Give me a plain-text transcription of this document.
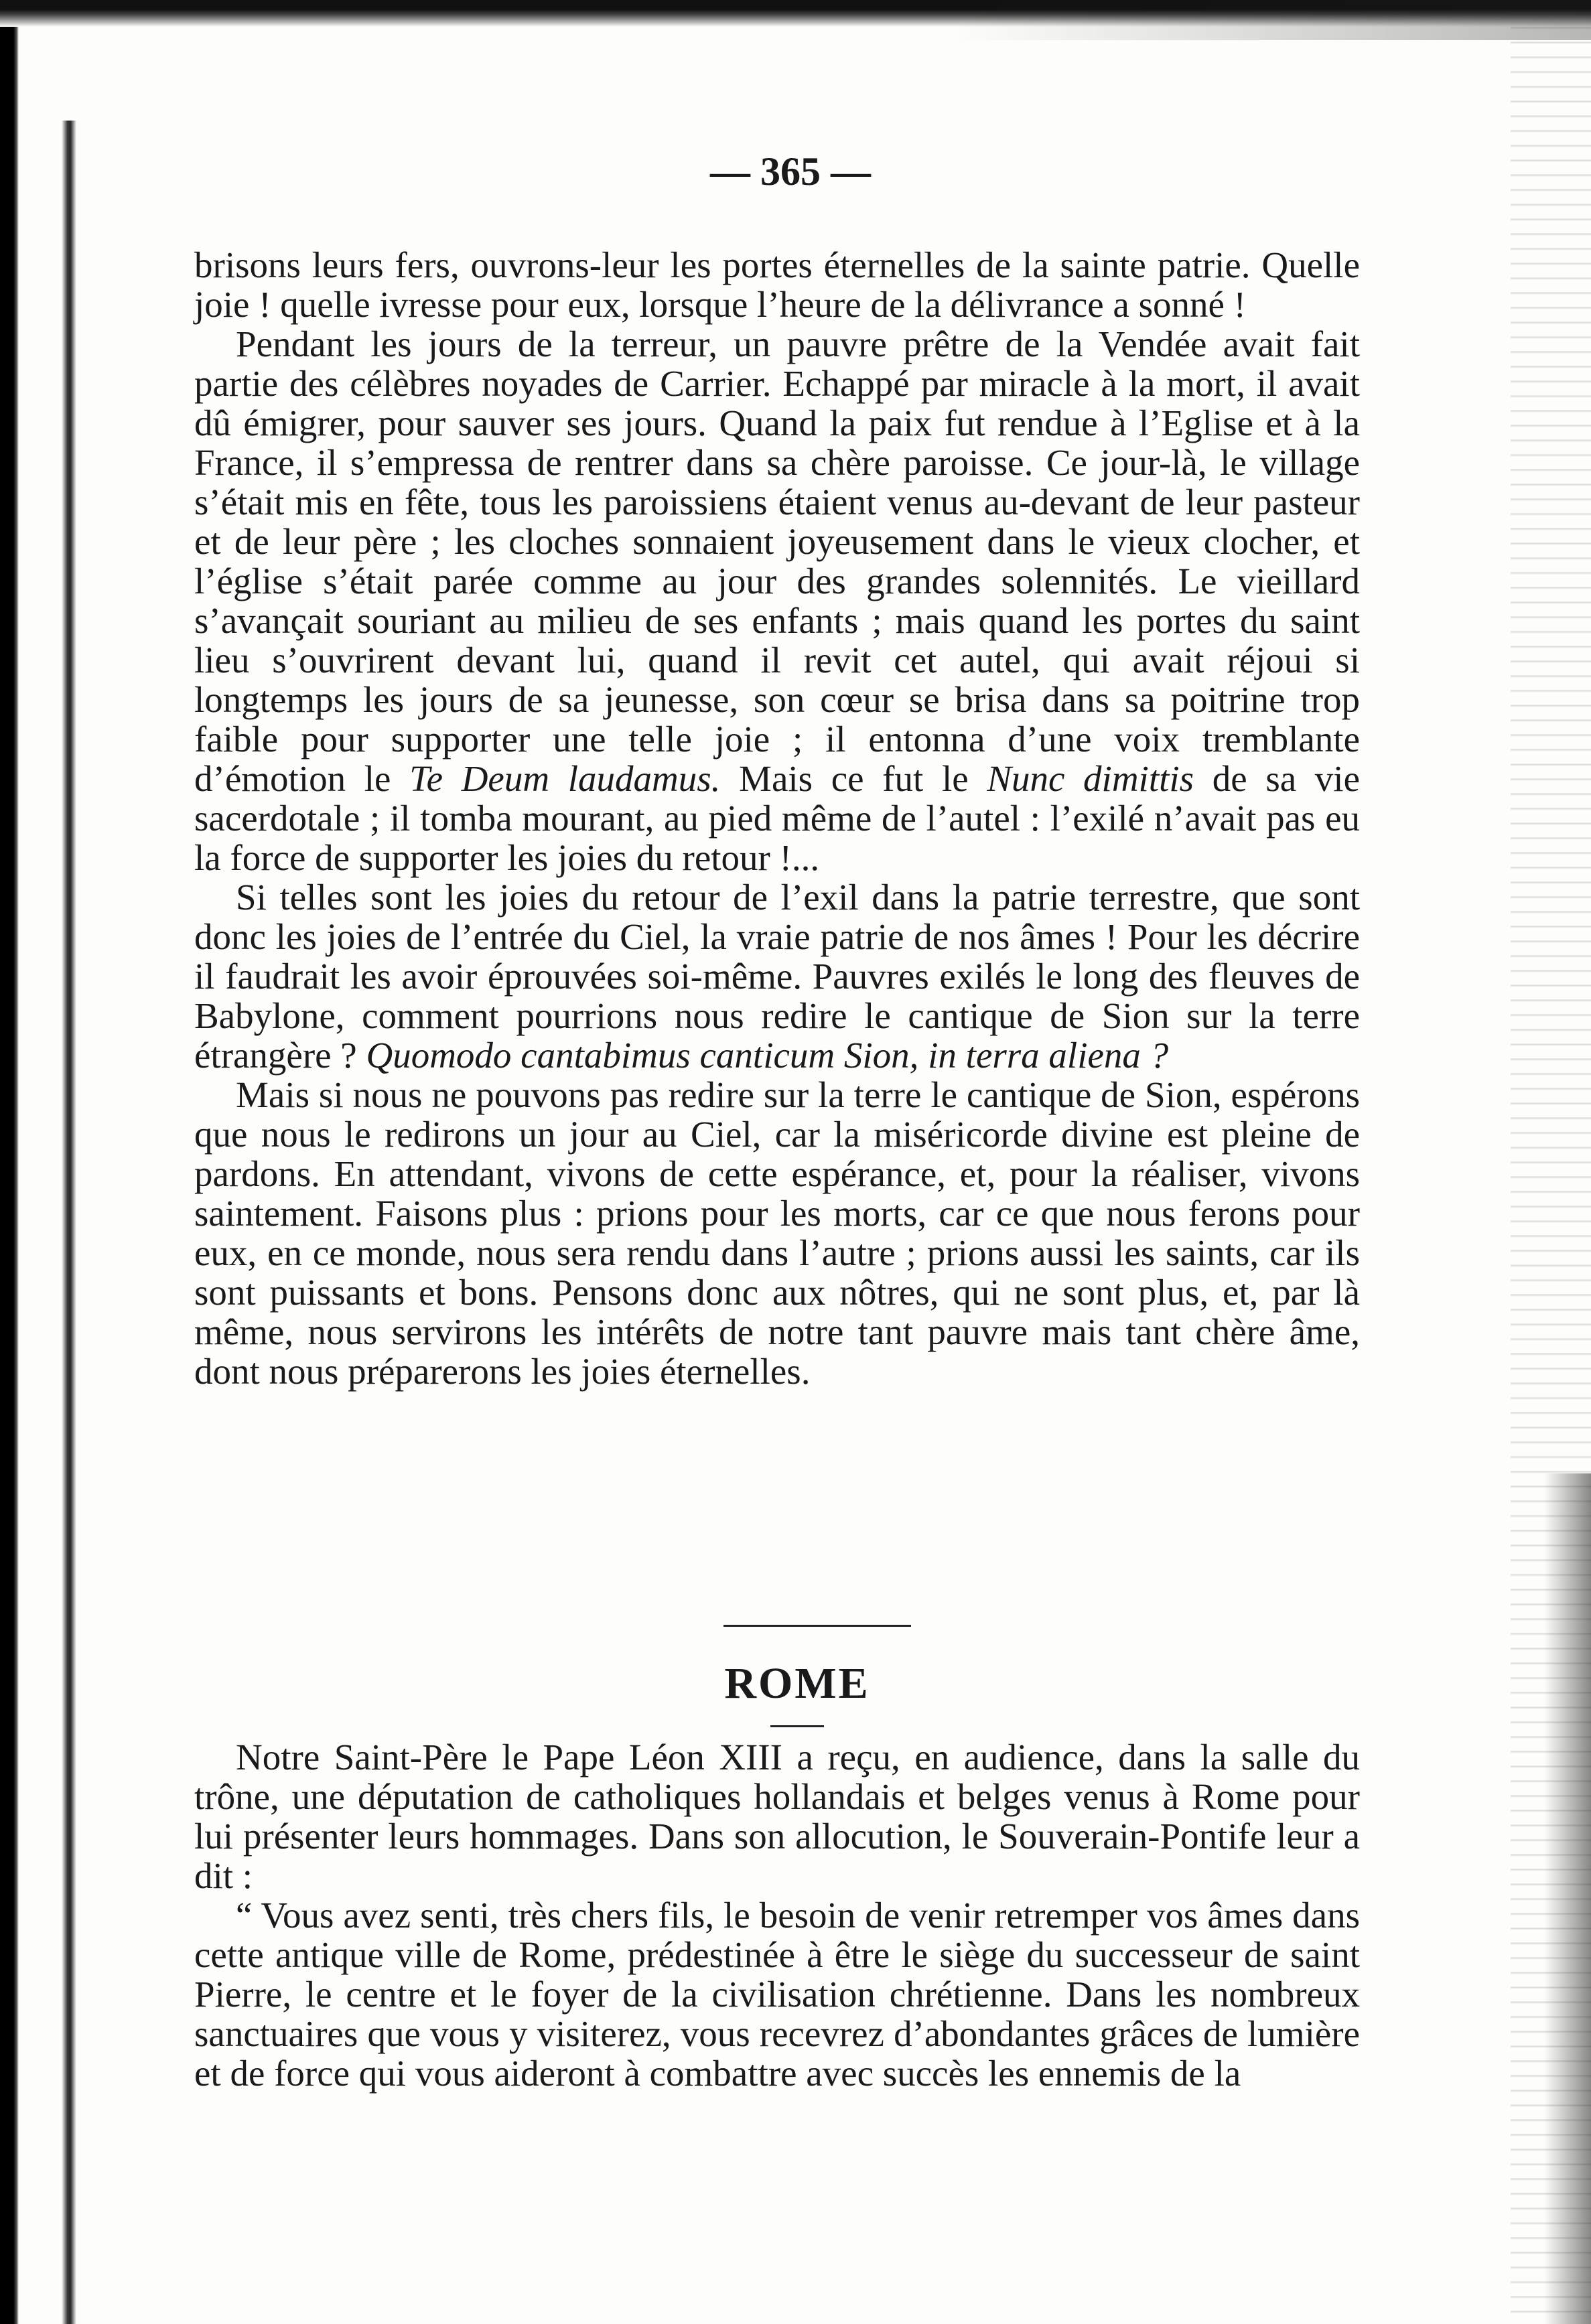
— 365 —

brisons leurs fers, ouvrons-leur les portes éternelles de la sainte patrie. Quelle joie ! quelle ivresse pour eux, lorsque l’heure de la délivrance a sonné !

Pendant les jours de la terreur, un pauvre prêtre de la Vendée avait fait partie des célèbres noyades de Carrier. Echappé par miracle à la mort, il avait dû émigrer, pour sauver ses jours. Quand la paix fut rendue à l’Eglise et à la France, il s’empressa de rentrer dans sa chère paroisse. Ce jour-là, le village s’était mis en fête, tous les paroissiens étaient venus au-devant de leur pasteur et de leur père ; les cloches sonnaient joyeusement dans le vieux clocher, et l’église s’était parée comme au jour des grandes solennités. Le vieillard s’avançait souriant au milieu de ses enfants ; mais quand les portes du saint lieu s’ouvrirent devant lui, quand il revit cet autel, qui avait réjoui si longtemps les jours de sa jeunesse, son cœur se brisa dans sa poitrine trop faible pour supporter une telle joie ; il entonna d’une voix tremblante d’émotion le Te Deum laudamus. Mais ce fut le Nunc dimittis de sa vie sacerdotale ; il tomba mourant, au pied même de l’autel : l’exilé n’avait pas eu la force de supporter les joies du retour !...

Si telles sont les joies du retour de l’exil dans la patrie terrestre, que sont donc les joies de l’entrée du Ciel, la vraie patrie de nos âmes ! Pour les décrire il faudrait les avoir éprouvées soi-même. Pauvres exilés le long des fleuves de Babylone, comment pourrions nous redire le cantique de Sion sur la terre étrangère ? Quomodo cantabimus canticum Sion, in terra aliena ?

Mais si nous ne pouvons pas redire sur la terre le cantique de Sion, espérons que nous le redirons un jour au Ciel, car la miséricorde divine est pleine de pardons. En attendant, vivons de cette espérance, et, pour la réaliser, vivons saintement. Faisons plus : prions pour les morts, car ce que nous ferons pour eux, en ce monde, nous sera rendu dans l’autre ; prions aussi les saints, car ils sont puissants et bons. Pensons donc aux nôtres, qui ne sont plus, et, par là même, nous servirons les intérêts de notre tant pauvre mais tant chère âme, dont nous préparerons les joies éternelles.

ROME

Notre Saint-Père le Pape Léon XIII a reçu, en audience, dans la salle du trône, une députation de catholiques hollandais et belges venus à Rome pour lui présenter leurs hommages. Dans son allocution, le Souverain-Pontife leur a dit :

“ Vous avez senti, très chers fils, le besoin de venir retremper vos âmes dans cette antique ville de Rome, prédestinée à être le siège du successeur de saint Pierre, le centre et le foyer de la civilisation chrétienne. Dans les nombreux sanctuaires que vous y visiterez, vous recevrez d’abondantes grâces de lumière et de force qui vous aideront à combattre avec succès les ennemis de la
